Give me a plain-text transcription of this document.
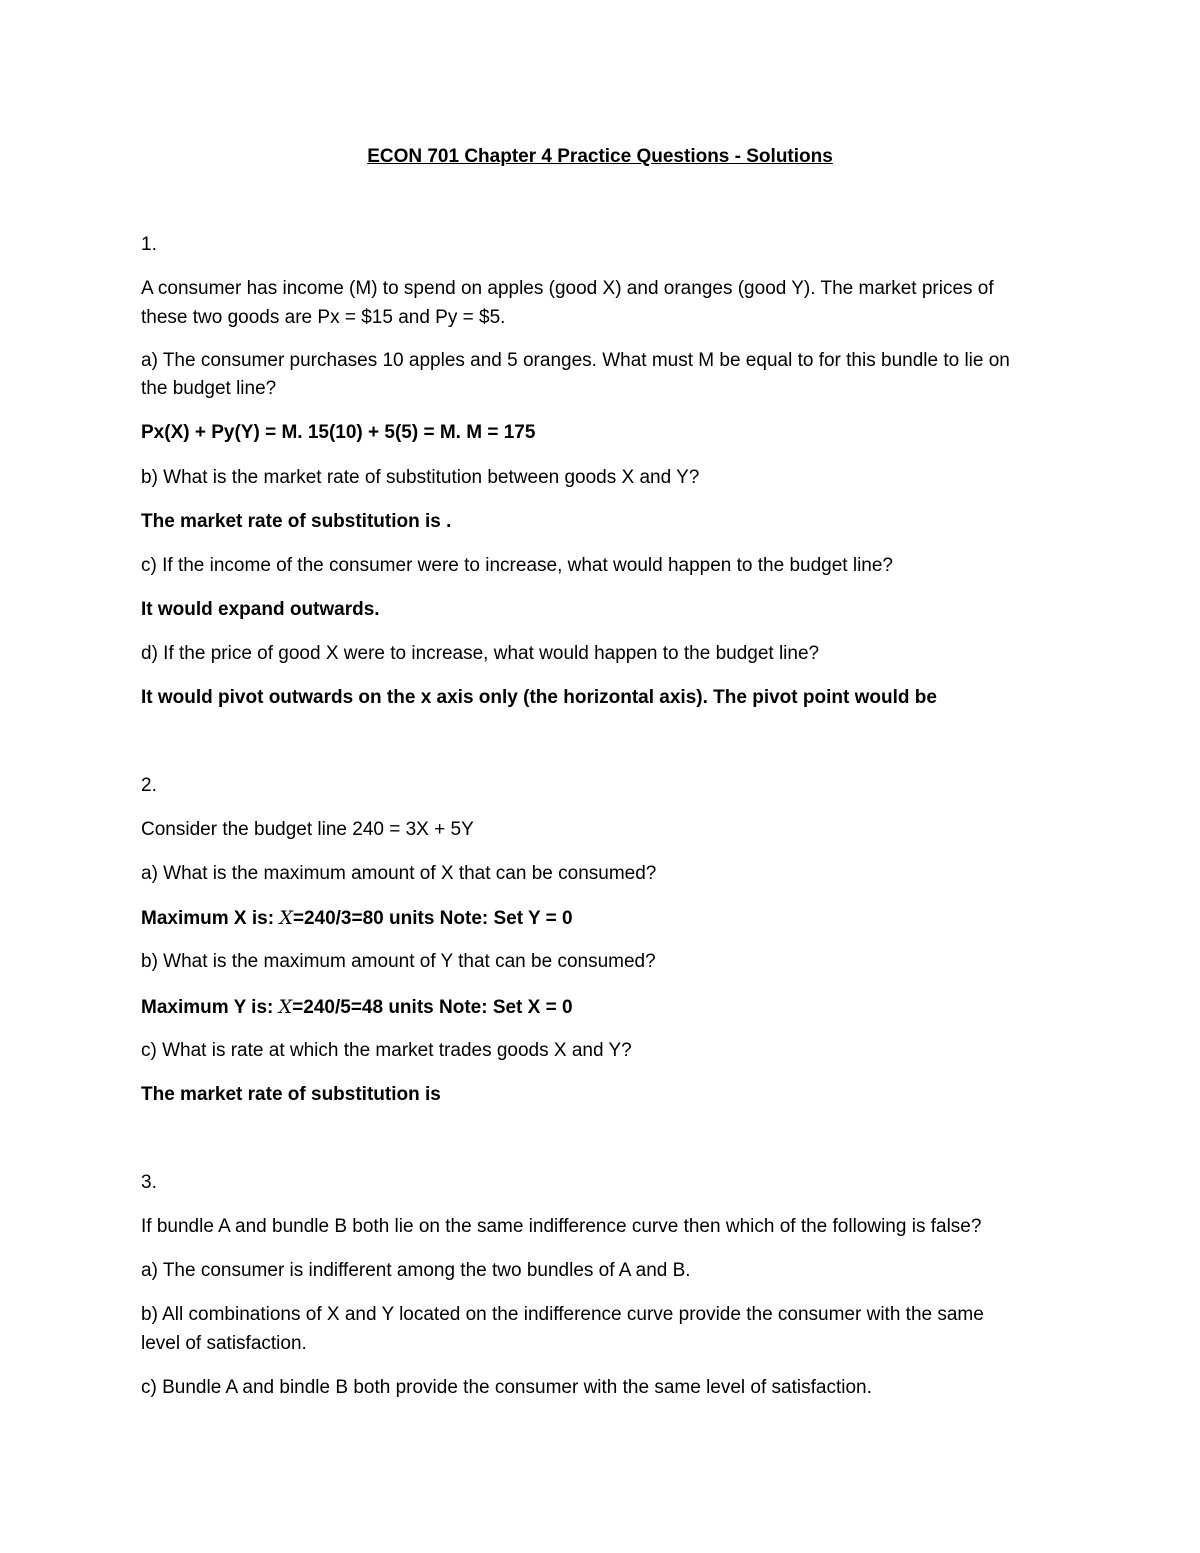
ECON 701 Chapter 4 Practice Questions - Solutions
1.
A consumer has income (M) to spend on apples (good X) and oranges (good Y). The market prices of
these two goods are Px = $15 and Py = $5.
a) The consumer purchases 10 apples and 5 oranges. What must M be equal to for this bundle to lie on
the budget line?
Px(X) + Py(Y) = M. 15(10) + 5(5) = M. M = 175
b) What is the market rate of substitution between goods X and Y?
The market rate of substitution is .
c) If the income of the consumer were to increase, what would happen to the budget line?
It would expand outwards.
d) If the price of good X were to increase, what would happen to the budget line?
It would pivot outwards on the x axis only (the horizontal axis). The pivot point would be
2.
Consider the budget line 240 = 3X + 5Y
a) What is the maximum amount of X that can be consumed?
Maximum X is: X=240/3=80 units Note: Set Y = 0
b) What is the maximum amount of Y that can be consumed?
Maximum Y is: X=240/5=48 units Note: Set X = 0
c) What is rate at which the market trades goods X and Y?
The market rate of substitution is
3.
If bundle A and bundle B both lie on the same indifference curve then which of the following is false?
a) The consumer is indifferent among the two bundles of A and B.
b) All combinations of X and Y located on the indifference curve provide the consumer with the same
level of satisfaction.
c) Bundle A and bindle B both provide the consumer with the same level of satisfaction.
